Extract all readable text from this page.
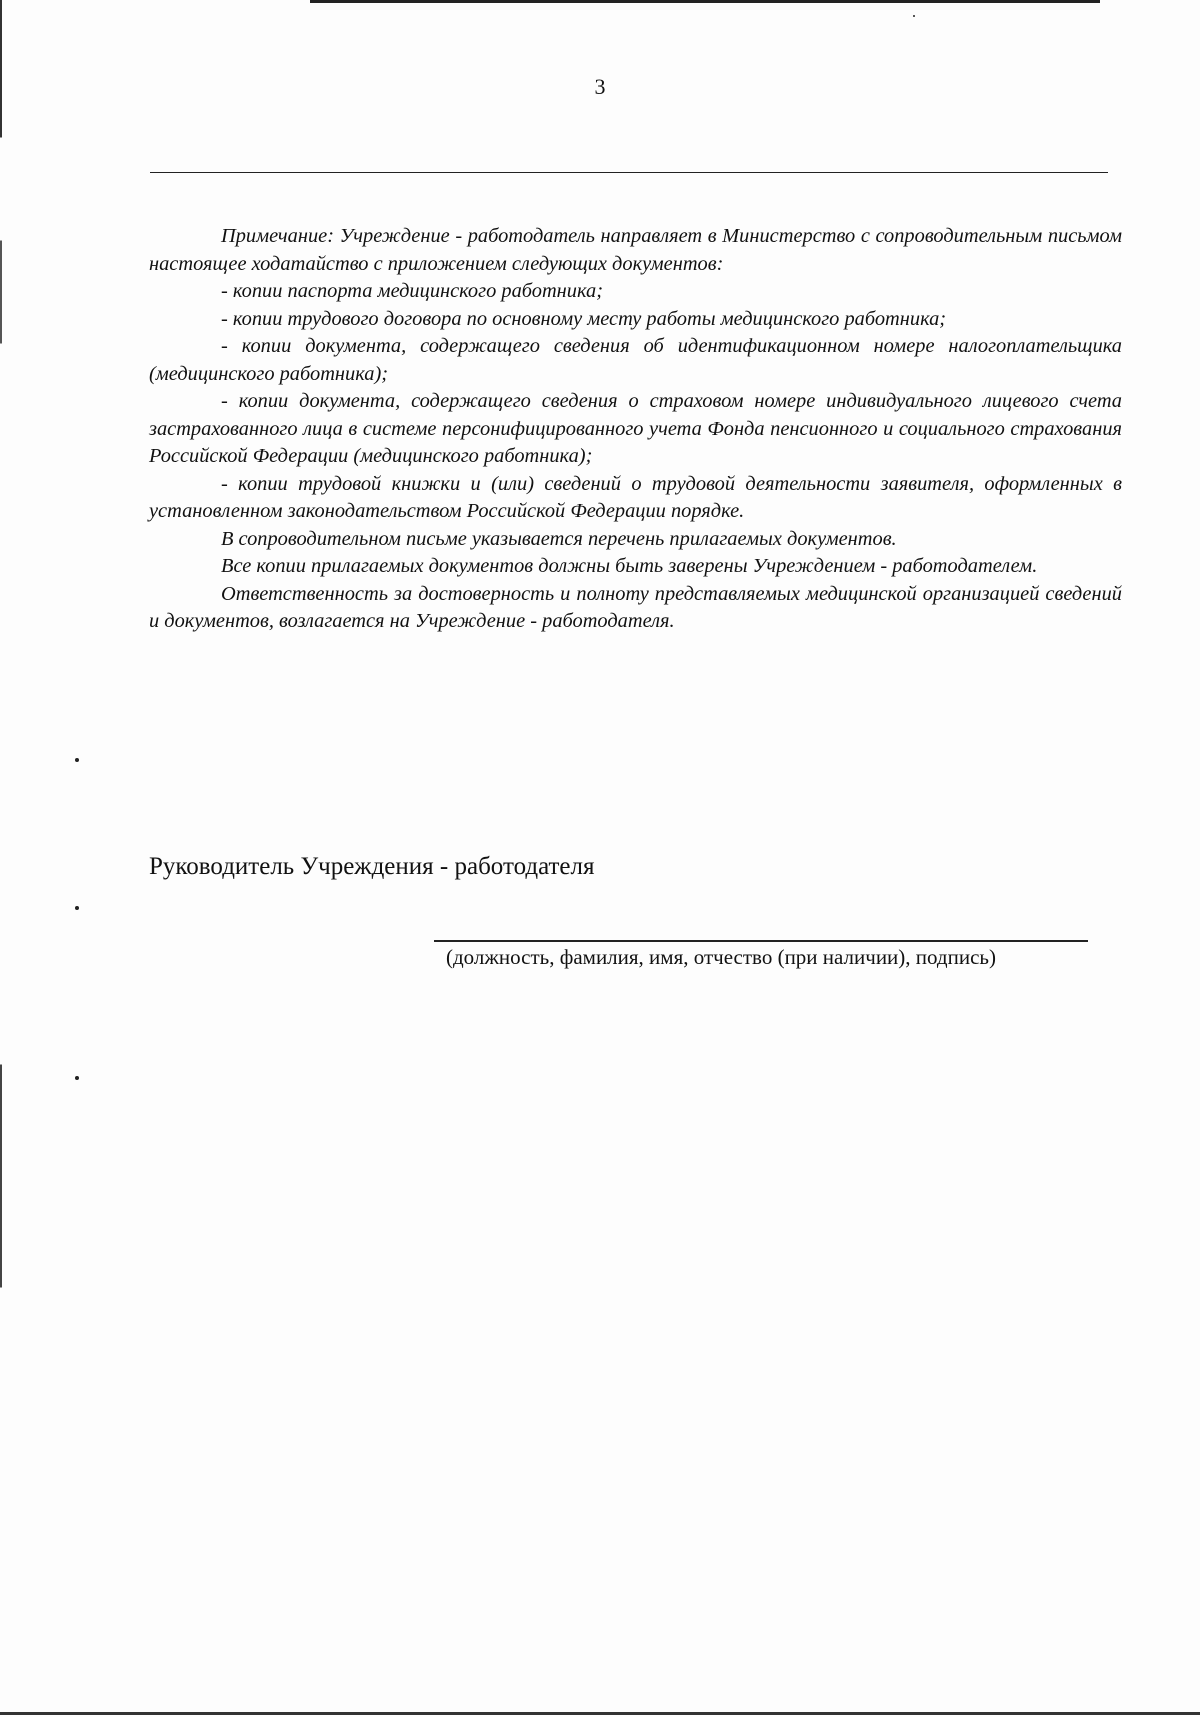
3

Примечание: Учреждение - работодатель направляет в Министерство с сопроводительным письмом настоящее ходатайство с приложением следующих документов:

- копии паспорта медицинского работника;

- копии трудового договора по основному месту работы медицинского работника;

- копии документа, содержащего сведения об идентификационном номере налогоплательщика (медицинского работника);

- копии документа, содержащего сведения о страховом номере индивидуального лицевого счета застрахованного лица в системе персонифицированного учета Фонда пенсионного и социального страхования Российской Федерации (медицинского работника);

- копии трудовой книжки и (или) сведений о трудовой деятельности заявителя, оформленных в установленном законодательством Российской Федерации порядке.

В сопроводительном письме указывается перечень прилагаемых документов.

Все копии прилагаемых документов должны быть заверены Учреждением - работодателем.

Ответственность за достоверность и полноту представляемых медицинской организацией сведений и документов, возлагается на Учреждение - работодателя.

Руководитель Учреждения - работодателя
(должность, фамилия, имя, отчество (при наличии), подпись)
